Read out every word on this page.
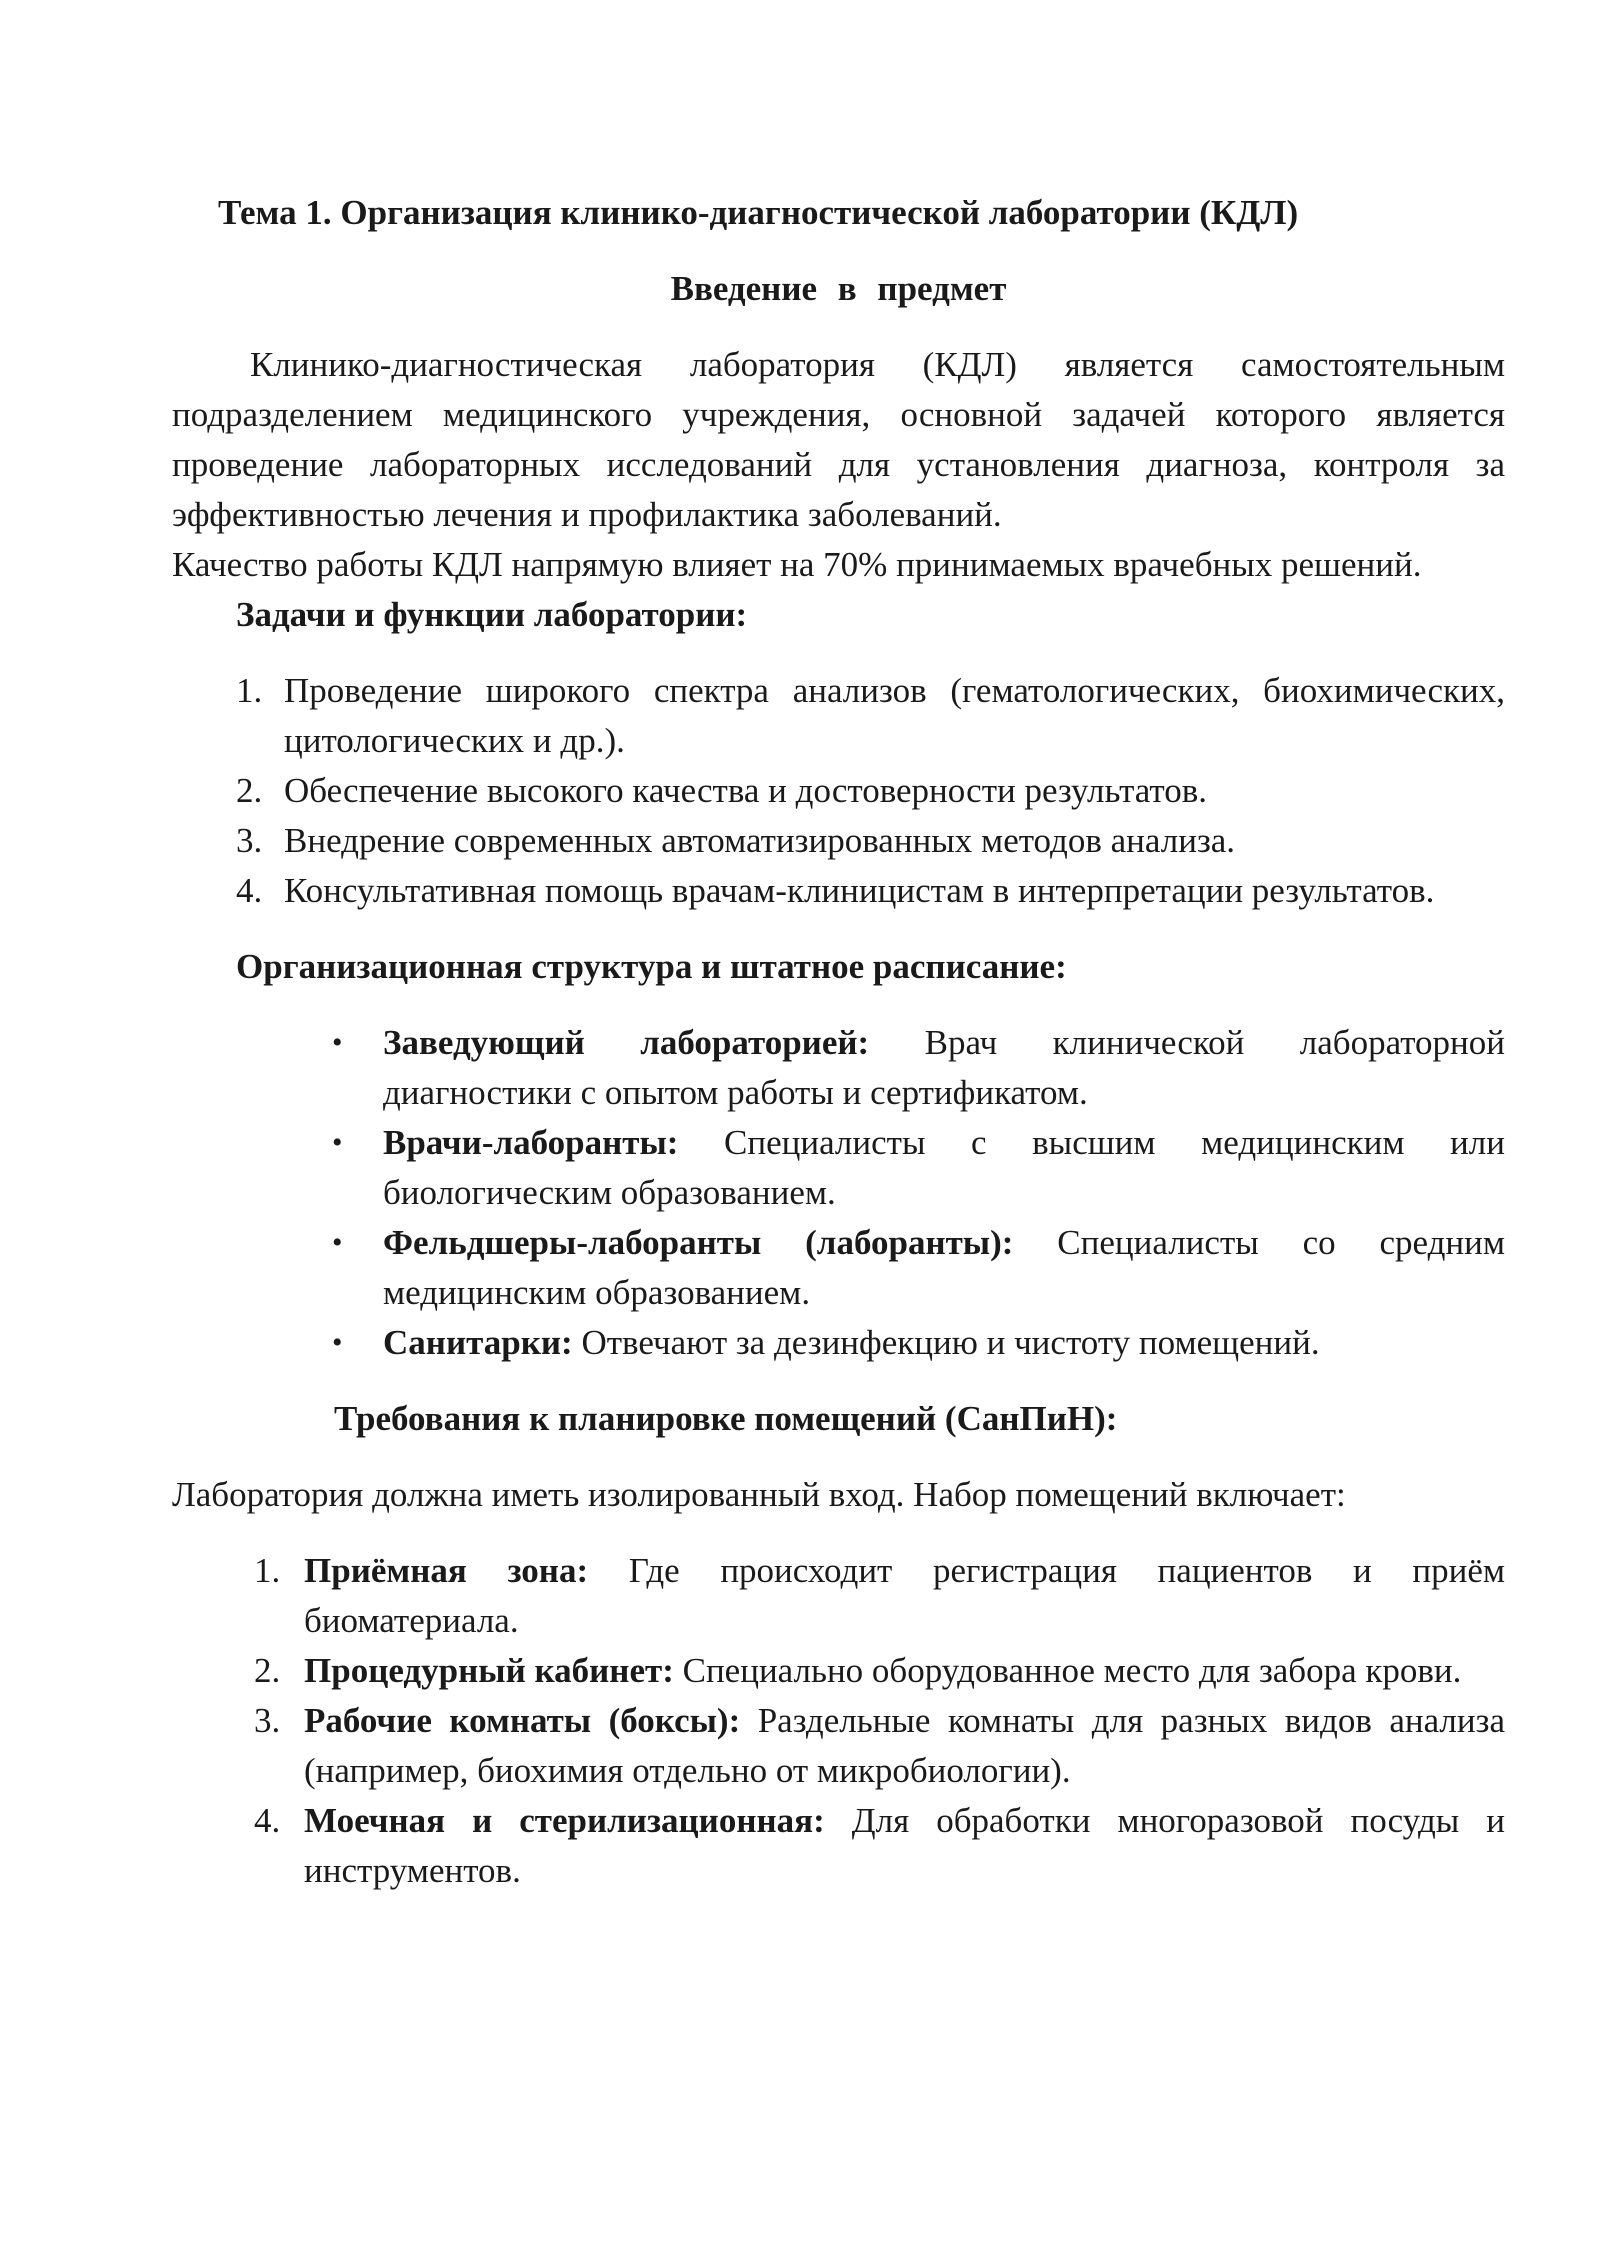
Тема 1. Организация клинико-диагностической лаборатории (КДЛ)

Введение в предмет

Клинико-диагностическая лаборатория (КДЛ) является самостоятельным подразделением медицинского учреждения, основной задачей которого является проведение лабораторных исследований для установления диагноза, контроля за эффективностью лечения и профилактика заболеваний.

Качество работы КДЛ напрямую влияет на 70% принимаемых врачебных решений.

Задачи и функции лаборатории:

1. Проведение широкого спектра анализов (гематологических, биохимических, цитологических и др.).
2. Обеспечение высокого качества и достоверности результатов.
3. Внедрение современных автоматизированных методов анализа.
4. Консультативная помощь врачам-клиницистам в интерпретации результатов.

Организационная структура и штатное расписание:

• Заведующий лабораторией: Врач клинической лабораторной диагностики с опытом работы и сертификатом.
• Врачи-лаборанты: Специалисты с высшим медицинским или биологическим образованием.
• Фельдшеры-лаборанты (лаборанты): Специалисты со средним медицинским образованием.
• Санитарки: Отвечают за дезинфекцию и чистоту помещений.

Требования к планировке помещений (СанПиН):

Лаборатория должна иметь изолированный вход. Набор помещений включает:

1. Приёмная зона: Где происходит регистрация пациентов и приём биоматериала.
2. Процедурный кабинет: Специально оборудованное место для забора крови.
3. Рабочие комнаты (боксы): Раздельные комнаты для разных видов анализа (например, биохимия отдельно от микробиологии).
4. Моечная и стерилизационная: Для обработки многоразовой посуды и инструментов.
